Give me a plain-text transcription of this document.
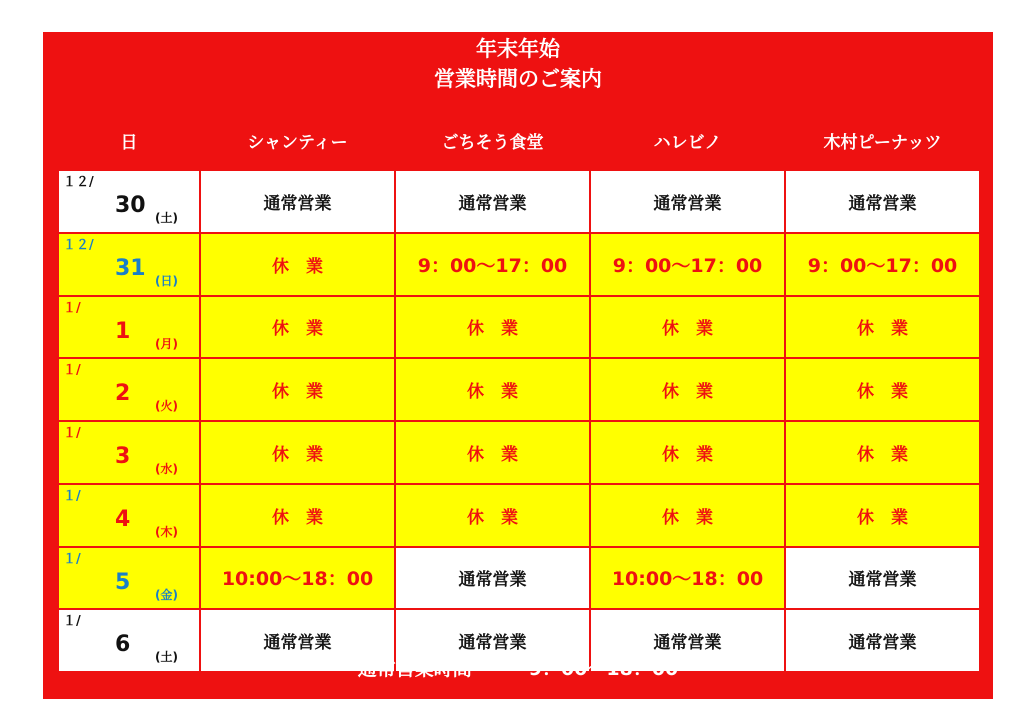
年末年始
営業時間のご案内
日	シャンティー	ごちそう食堂	ハレビノ	木村ピーナッツ

１２/
30 (土)	通常営業	通常営業	通常営業	通常営業

１２/
31 (日)	休　業	9：00〜17：00	9：00〜17：00	9：00〜17：00

１/
1 (月)	休　業	休　業	休　業	休　業

１/
2 (火)	休　業	休　業	休　業	休　業

１/
3 (水)	休　業	休　業	休　業	休　業

１/
4 (木)	休　業	休　業	休　業	休　業

１/
5 (金)	10:00〜18：00	通常営業	10:00〜18：00	通常営業

１/
6 (土)	通常営業	通常営業	通常営業	通常営業
通常営業時間・・・9：00〜18：00
